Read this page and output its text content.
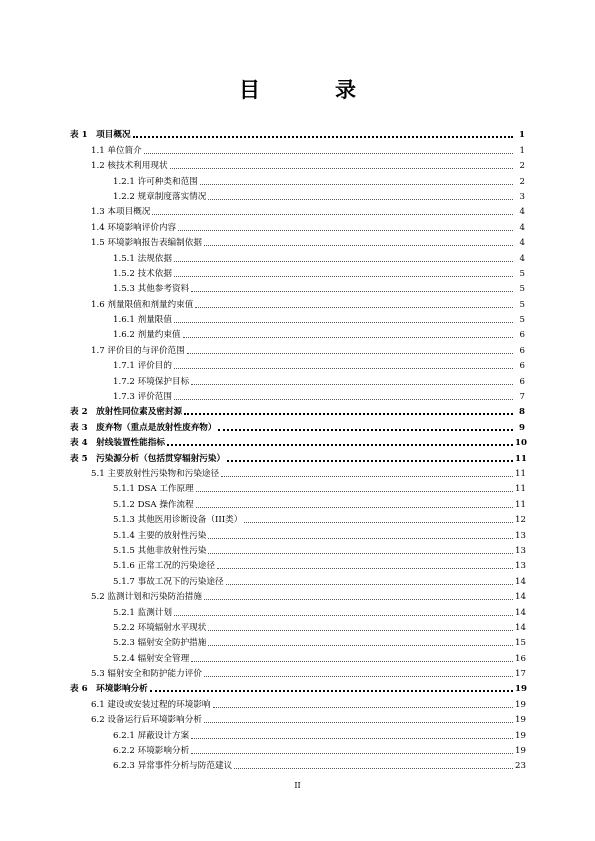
目	录
表 1　项目概况	1
1.1 单位简介	1
1.2 核技术利用现状	2
1.2.1 许可种类和范围	2
1.2.2 规章制度落实情况	3
1.3 本项目概况	4
1.4 环境影响评价内容	4
1.5 环境影响报告表编制依据	4
1.5.1 法规依据	4
1.5.2 技术依据	5
1.5.3 其他参考资料	5
1.6 剂量限值和剂量约束值	5
1.6.1 剂量限值	5
1.6.2 剂量约束值	6
1.7 评价目的与评价范围	6
1.7.1 评价目的	6
1.7.2 环境保护目标	6
1.7.3 评价范围	7
表 2　放射性同位素及密封源	8
表 3　废弃物（重点是放射性废弃物）	9
表 4　射线装置性能指标	10
表 5　污染源分析（包括贯穿辐射污染）	11
5.1 主要放射性污染物和污染途径	11
5.1.1 DSA 工作原理	11
5.1.2 DSA 操作流程	11
5.1.3 其他医用诊断设备（III类）	12
5.1.4 主要的放射性污染	13
5.1.5 其他非放射性污染	13
5.1.6 正常工况的污染途径	13
5.1.7 事故工况下的污染途径	14
5.2 监测计划和污染防治措施	14
5.2.1 监测计划	14
5.2.2 环境辐射水平现状	14
5.2.3 辐射安全防护措施	15
5.2.4 辐射安全管理	16
5.3 辐射安全和防护能力评价	17
表 6　环境影响分析	19
6.1 建设或安装过程的环境影响	19
6.2 设备运行后环境影响分析	19
6.2.1 屏蔽设计方案	19
6.2.2 环境影响分析	19
6.2.3 异常事件分析与防范建议	23
II
